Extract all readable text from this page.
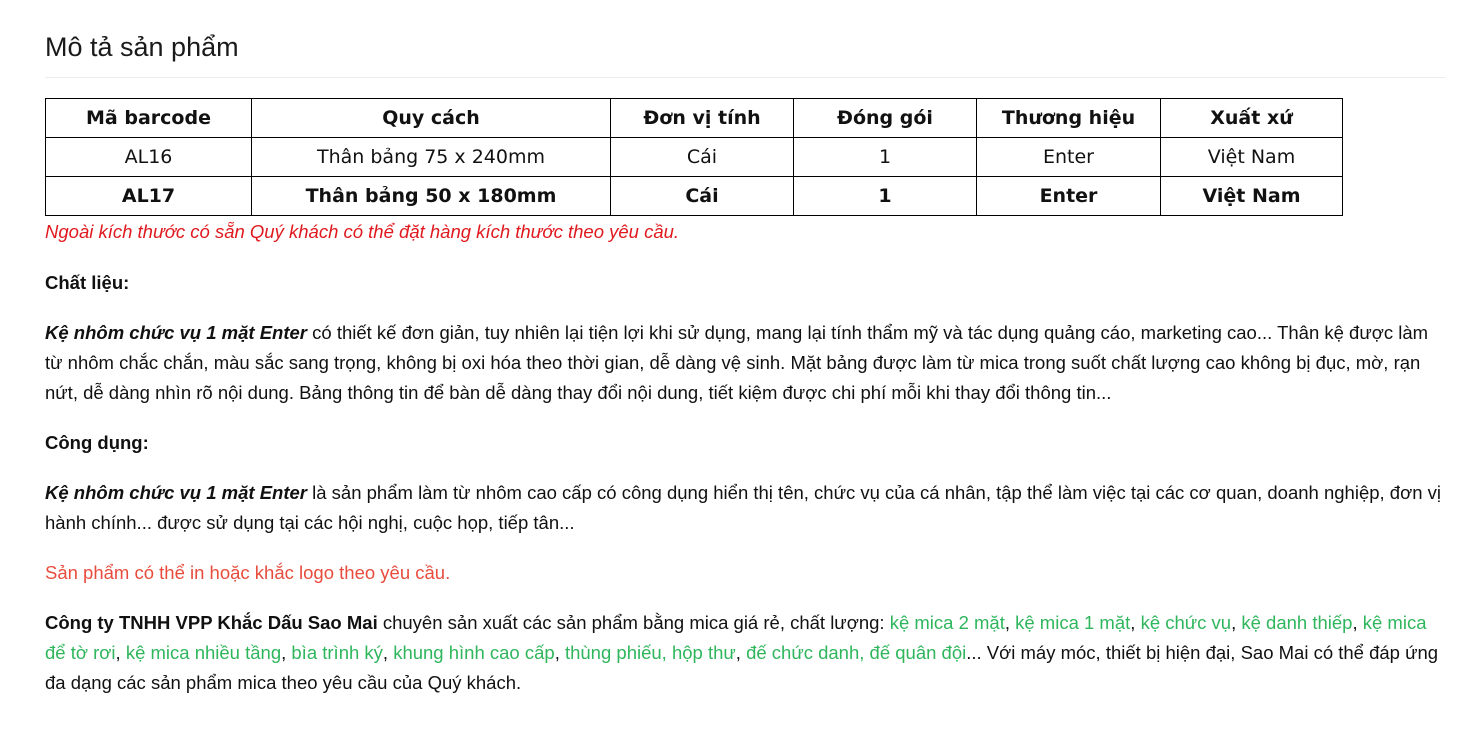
Mô tả sản phẩm
Mã barcode	Quy cách	Đơn vị tính	Đóng gói	Thương hiệu	Xuất xứ
AL16	Thân bảng 75 x 240mm	Cái	1	Enter	Việt Nam
AL17	Thân bảng 50 x 180mm	Cái	1	Enter	Việt Nam

Ngoài kích thước có sẵn Quý khách có thể đặt hàng kích thước theo yêu cầu.

Chất liệu:

Kệ nhôm chức vụ 1 mặt Enter có thiết kế đơn giản, tuy nhiên lại tiện lợi khi sử dụng, mang lại tính thẩm mỹ và tác dụng quảng cáo, marketing cao... Thân kệ được làm từ nhôm chắc chắn, màu sắc sang trọng, không bị oxi hóa theo thời gian, dễ dàng vệ sinh. Mặt bảng được làm từ mica trong suốt chất lượng cao không bị đục, mờ, rạn nứt, dễ dàng nhìn rõ nội dung. Bảng thông tin để bàn dễ dàng thay đổi nội dung, tiết kiệm được chi phí mỗi khi thay đổi thông tin...

Công dụng:

Kệ nhôm chức vụ 1 mặt Enter là sản phẩm làm từ nhôm cao cấp có công dụng hiển thị tên, chức vụ của cá nhân, tập thể làm việc tại các cơ quan, doanh nghiệp, đơn vị hành chính... được sử dụng tại các hội nghị, cuộc họp, tiếp tân...

Sản phẩm có thể in hoặc khắc logo theo yêu cầu.

Công ty TNHH VPP Khắc Dấu Sao Mai chuyên sản xuất các sản phẩm bằng mica giá rẻ, chất lượng: kệ mica 2 mặt, kệ mica 1 mặt, kệ chức vụ, kệ danh thiếp, kệ mica để tờ rơi, kệ mica nhiều tầng, bìa trình ký, khung hình cao cấp, thùng phiếu, hộp thư, đế chức danh, đế quân đội... Với máy móc, thiết bị hiện đại, Sao Mai có thể đáp ứng đa dạng các sản phẩm mica theo yêu cầu của Quý khách.
